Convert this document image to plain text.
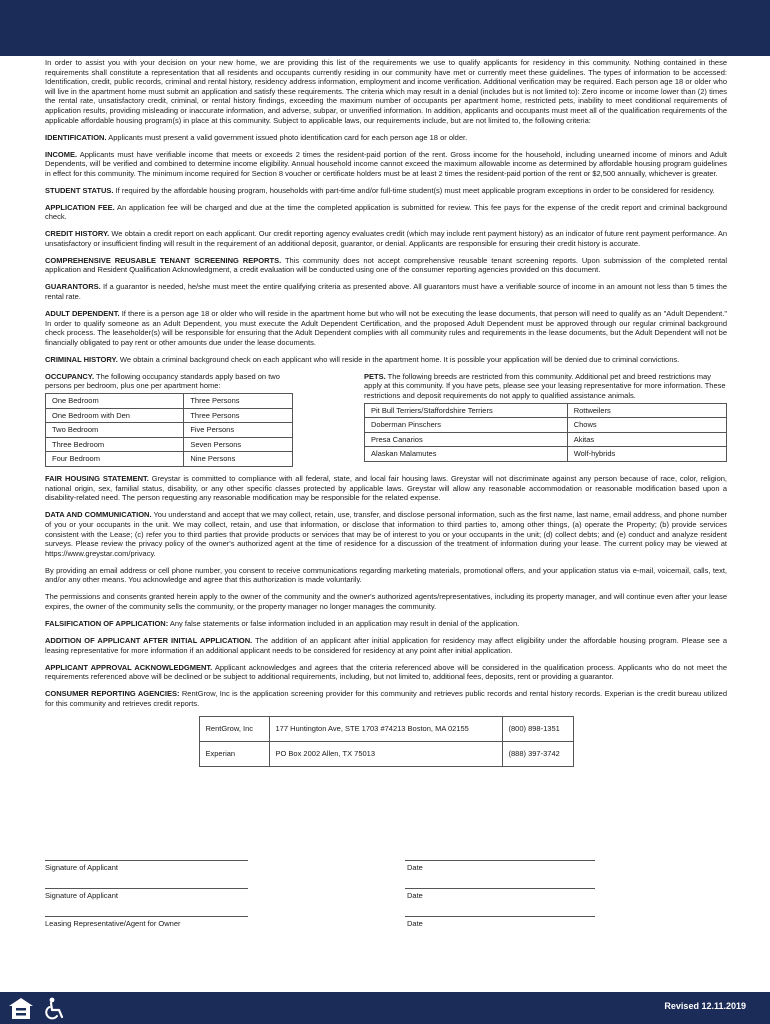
Resident Qualification Acknowledgment

In order to assist you with your decision on your new home, we are providing this list of the requirements we use to qualify applicants for residency in this community. Nothing contained in these requirements shall constitute a representation that all residents and occupants currently residing in our community have met or currently meet these guidelines. The types of information to be accessed: Identification, credit, public records, criminal and rental history, residency address information, employment and income verification. Additional verification may be required. Each person age 18 or older who will live in the apartment home must submit an application and satisfy these requirements. The criteria which may result in a denial (includes but is not limited to): Zero income or income lower than (2) times the rental rate, unsatisfactory credit, criminal, or rental history findings, exceeding the maximum number of occupants per apartment home, restricted pets, inability to meet conditional requirements of application results, providing misleading or inaccurate information, and adverse, subpar, or unverified information. In addition, applicants and occupants must meet all of the qualification requirements of the applicable affordable housing program(s) in place at this community. Subject to applicable laws, our requirements include, but are not limited to, the following criteria:

IDENTIFICATION. Applicants must present a valid government issued photo identification card for each person age 18 or older.

INCOME. Applicants must have verifiable income that meets or exceeds 2 times the resident-paid portion of the rent. Gross income for the household, including unearned income of minors and Adult Dependents, will be verified and combined to determine income eligibility. Annual household income cannot exceed the maximum allowable income as determined by affordable housing program guidelines in effect for this community. The minimum income required for Section 8 voucher or certificate holders must be at least 2 times the resident-paid portion of the rent or $2,500 annually, whichever is greater.

STUDENT STATUS. If required by the affordable housing program, households with part-time and/or full-time student(s) must meet applicable program exceptions in order to be considered for residency.

APPLICATION FEE. An application fee will be charged and due at the time the completed application is submitted for review. This fee pays for the expense of the credit report and criminal background check.

CREDIT HISTORY. We obtain a credit report on each applicant. Our credit reporting agency evaluates credit (which may include rent payment history) as an indicator of future rent payment performance. An unsatisfactory or insufficient finding will result in the requirement of an additional deposit, guarantor, or denial. Applicants are responsible for ensuring their credit history is accurate.

COMPREHENSIVE REUSABLE TENANT SCREENING REPORTS. This community does not accept comprehensive reusable tenant screening reports. Upon submission of the completed rental application and Resident Qualification Acknowledgment, a credit evaluation will be conducted using one of the consumer reporting agencies provided on this document.

GUARANTORS. If a guarantor is needed, he/she must meet the entire qualifying criteria as presented above. All guarantors must have a verifiable source of income in an amount not less than 5 times the rental rate.

ADULT DEPENDENT. If there is a person age 18 or older who will reside in the apartment home but who will not be executing the lease documents, that person will need to qualify as an "Adult Dependent." In order to qualify someone as an Adult Dependent, you must execute the Adult Dependent Certification, and the proposed Adult Dependent must be approved through our regular criminal background check process. The leaseholder(s) will be responsible for ensuring that the Adult Dependent complies with all community rules and requirements in the lease documents, but the Adult Dependent will not be financially obligated to pay rent or other amounts due under the lease documents.

CRIMINAL HISTORY. We obtain a criminal background check on each applicant who will reside in the apartment home. It is possible your application will be denied due to criminal convictions.

OCCUPANCY. The following occupancy standards apply based on two persons per bedroom, plus one per apartment home:
One Bedroom	Three Persons
One Bedroom with Den	Three Persons
Two Bedroom	Five Persons
Three Bedroom	Seven Persons
Four Bedroom	Nine Persons
PETS. The following breeds are restricted from this community. Additional pet and breed restrictions may apply at this community. If you have pets, please see your leasing representative for more information. These restrictions and deposit requirements do not apply to qualified assistance animals.
Pit Bull Terriers/Staffordshire Terriers	Rottweilers
Doberman Pinschers	Chows
Presa Canarios	Akitas
Alaskan Malamutes	Wolf-hybrids

FAIR HOUSING STATEMENT. Greystar is committed to compliance with all federal, state, and local fair housing laws. Greystar will not discriminate against any person because of race, color, religion, national origin, sex, familial status, disability, or any other specific classes protected by applicable laws. Greystar will allow any reasonable accommodation or reasonable modification based upon a disability-related need. The person requesting any reasonable modification may be responsible for the related expense.

DATA AND COMMUNICATION. You understand and accept that we may collect, retain, use, transfer, and disclose personal information, such as the first name, last name, email address, and phone number of you or your occupants in the unit. We may collect, retain, and use that information, or disclose that information to third parties to, among other things, (a) operate the Property; (b) provide services consistent with the Lease; (c) refer you to third parties that provide products or services that may be of interest to you or your occupants in the unit; (d) collect debts; and (e) conduct and analyze resident surveys. Please review the privacy policy of the owner's authorized agent at the time of residence for a discussion of the treatment of information during your lease. The current policy may be viewed at https://www.greystar.com/privacy.

By providing an email address or cell phone number, you consent to receive communications regarding marketing materials, promotional offers, and your application status via e-mail, voicemail, calls, text, and/or any other means. You acknowledge and agree that this authorization is made voluntarily.

The permissions and consents granted herein apply to the owner of the community and the owner's authorized agents/representatives, including its property manager, and will continue even after your lease expires, the owner of the community sells the community, or the property manager no longer manages the community.

FALSIFICATION OF APPLICATION: Any false statements or false information included in an application may result in denial of the application.

ADDITION OF APPLICANT AFTER INITIAL APPLICATION. The addition of an applicant after initial application for residency may affect eligibility under the affordable housing program. Please see a leasing representative for more information if an additional applicant needs to be considered for residency at any point after initial application.

APPLICANT APPROVAL ACKNOWLEDGMENT. Applicant acknowledges and agrees that the criteria referenced above will be considered in the qualification process. Applicants who do not meet the requirements referenced above will be declined or be subject to additional requirements, including, but not limited to, additional fees, deposits, rent or providing a guarantor.

CONSUMER REPORTING AGENCIES: RentGrow, Inc is the application screening provider for this community and retrieves public records and rental history records. Experian is the credit bureau utilized for this community and retrieves credit reports.

RentGrow, Inc	177 Huntington Ave, STE 1703 #74213 Boston, MA 02155	(800) 898-1351
Experian	PO Box 2002 Allen, TX 75013	(888) 397-3742
Signature of Applicant	Date
Signature of Applicant	Date
Leasing Representative/Agent for Owner	Date
Revised 12.11.2019
